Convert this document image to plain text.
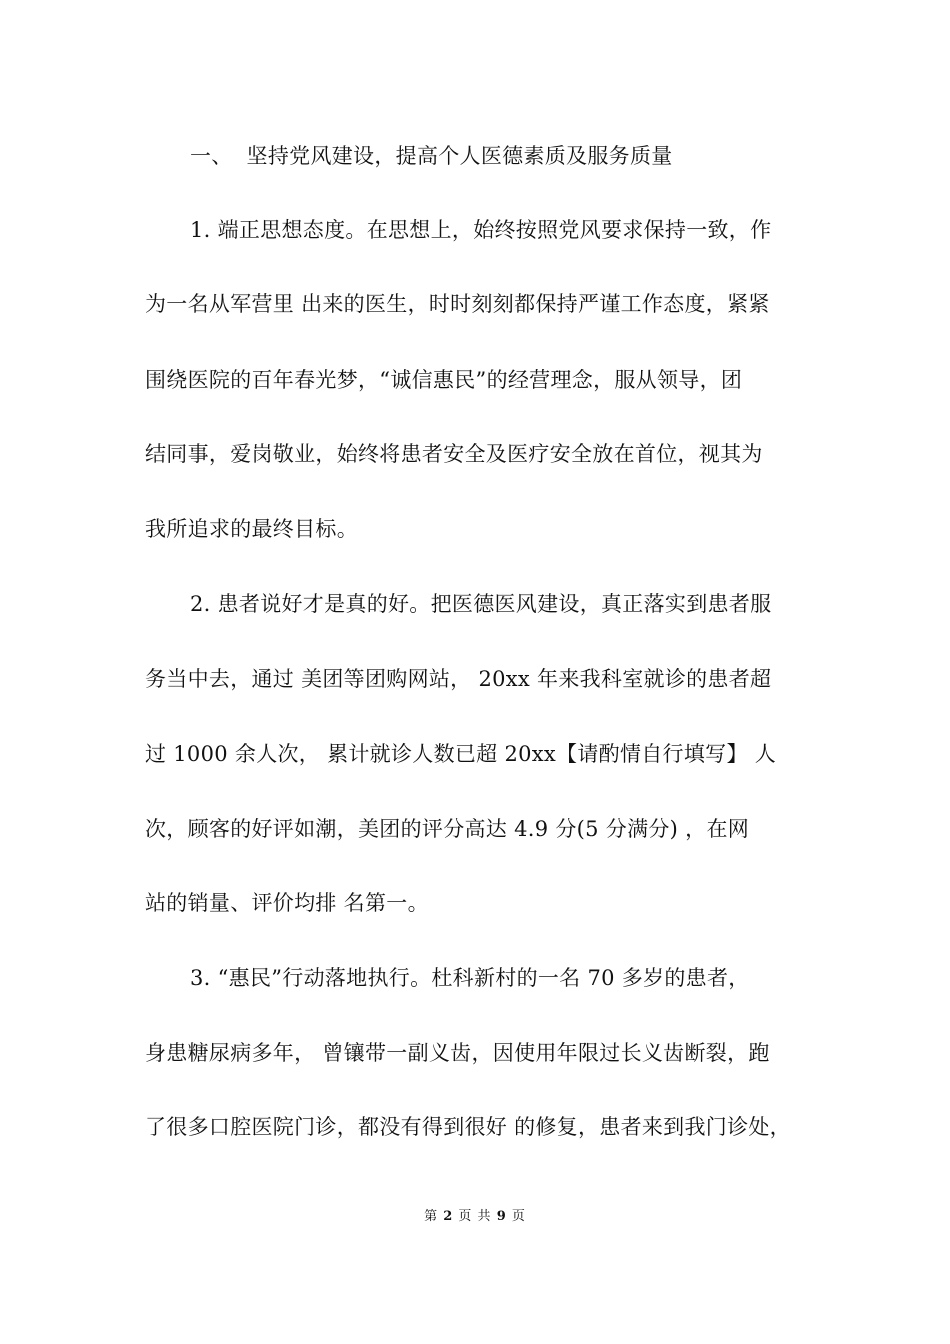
一、  坚持党风建设，提高个人医德素质及服务质量
1. 端正思想态度。在思想上，始终按照党风要求保持一致，作
为一名从军营里 出来的医生，时时刻刻都保持严谨工作态度，紧紧
围绕医院的百年春光梦，“诚信惠民”的经营理念，服从领导，团
结同事，爱岗敬业，始终将患者安全及医疗安全放在首位，视其为
我所追求的最终目标。
2. 患者说好才是真的好。把医德医风建设，真正落实到患者服
务当中去，通过 美团等团购网站， 20xx 年来我科室就诊的患者超
过 1000 余人次， 累计就诊人数已超 20xx【请酌情自行填写】 人
次，顾客的好评如潮，美团的评分高达 4.9 分(5 分满分) ，在网
站的销量、评价均排 名第一。
3. “惠民”行动落地执行。杜科新村的一名 70 多岁的患者，
身患糖尿病多年， 曾镶带一副义齿，因使用年限过长义齿断裂，跑
了很多口腔医院门诊，都没有得到很好 的修复，患者来到我门诊处，
第 2 页 共 9 页
